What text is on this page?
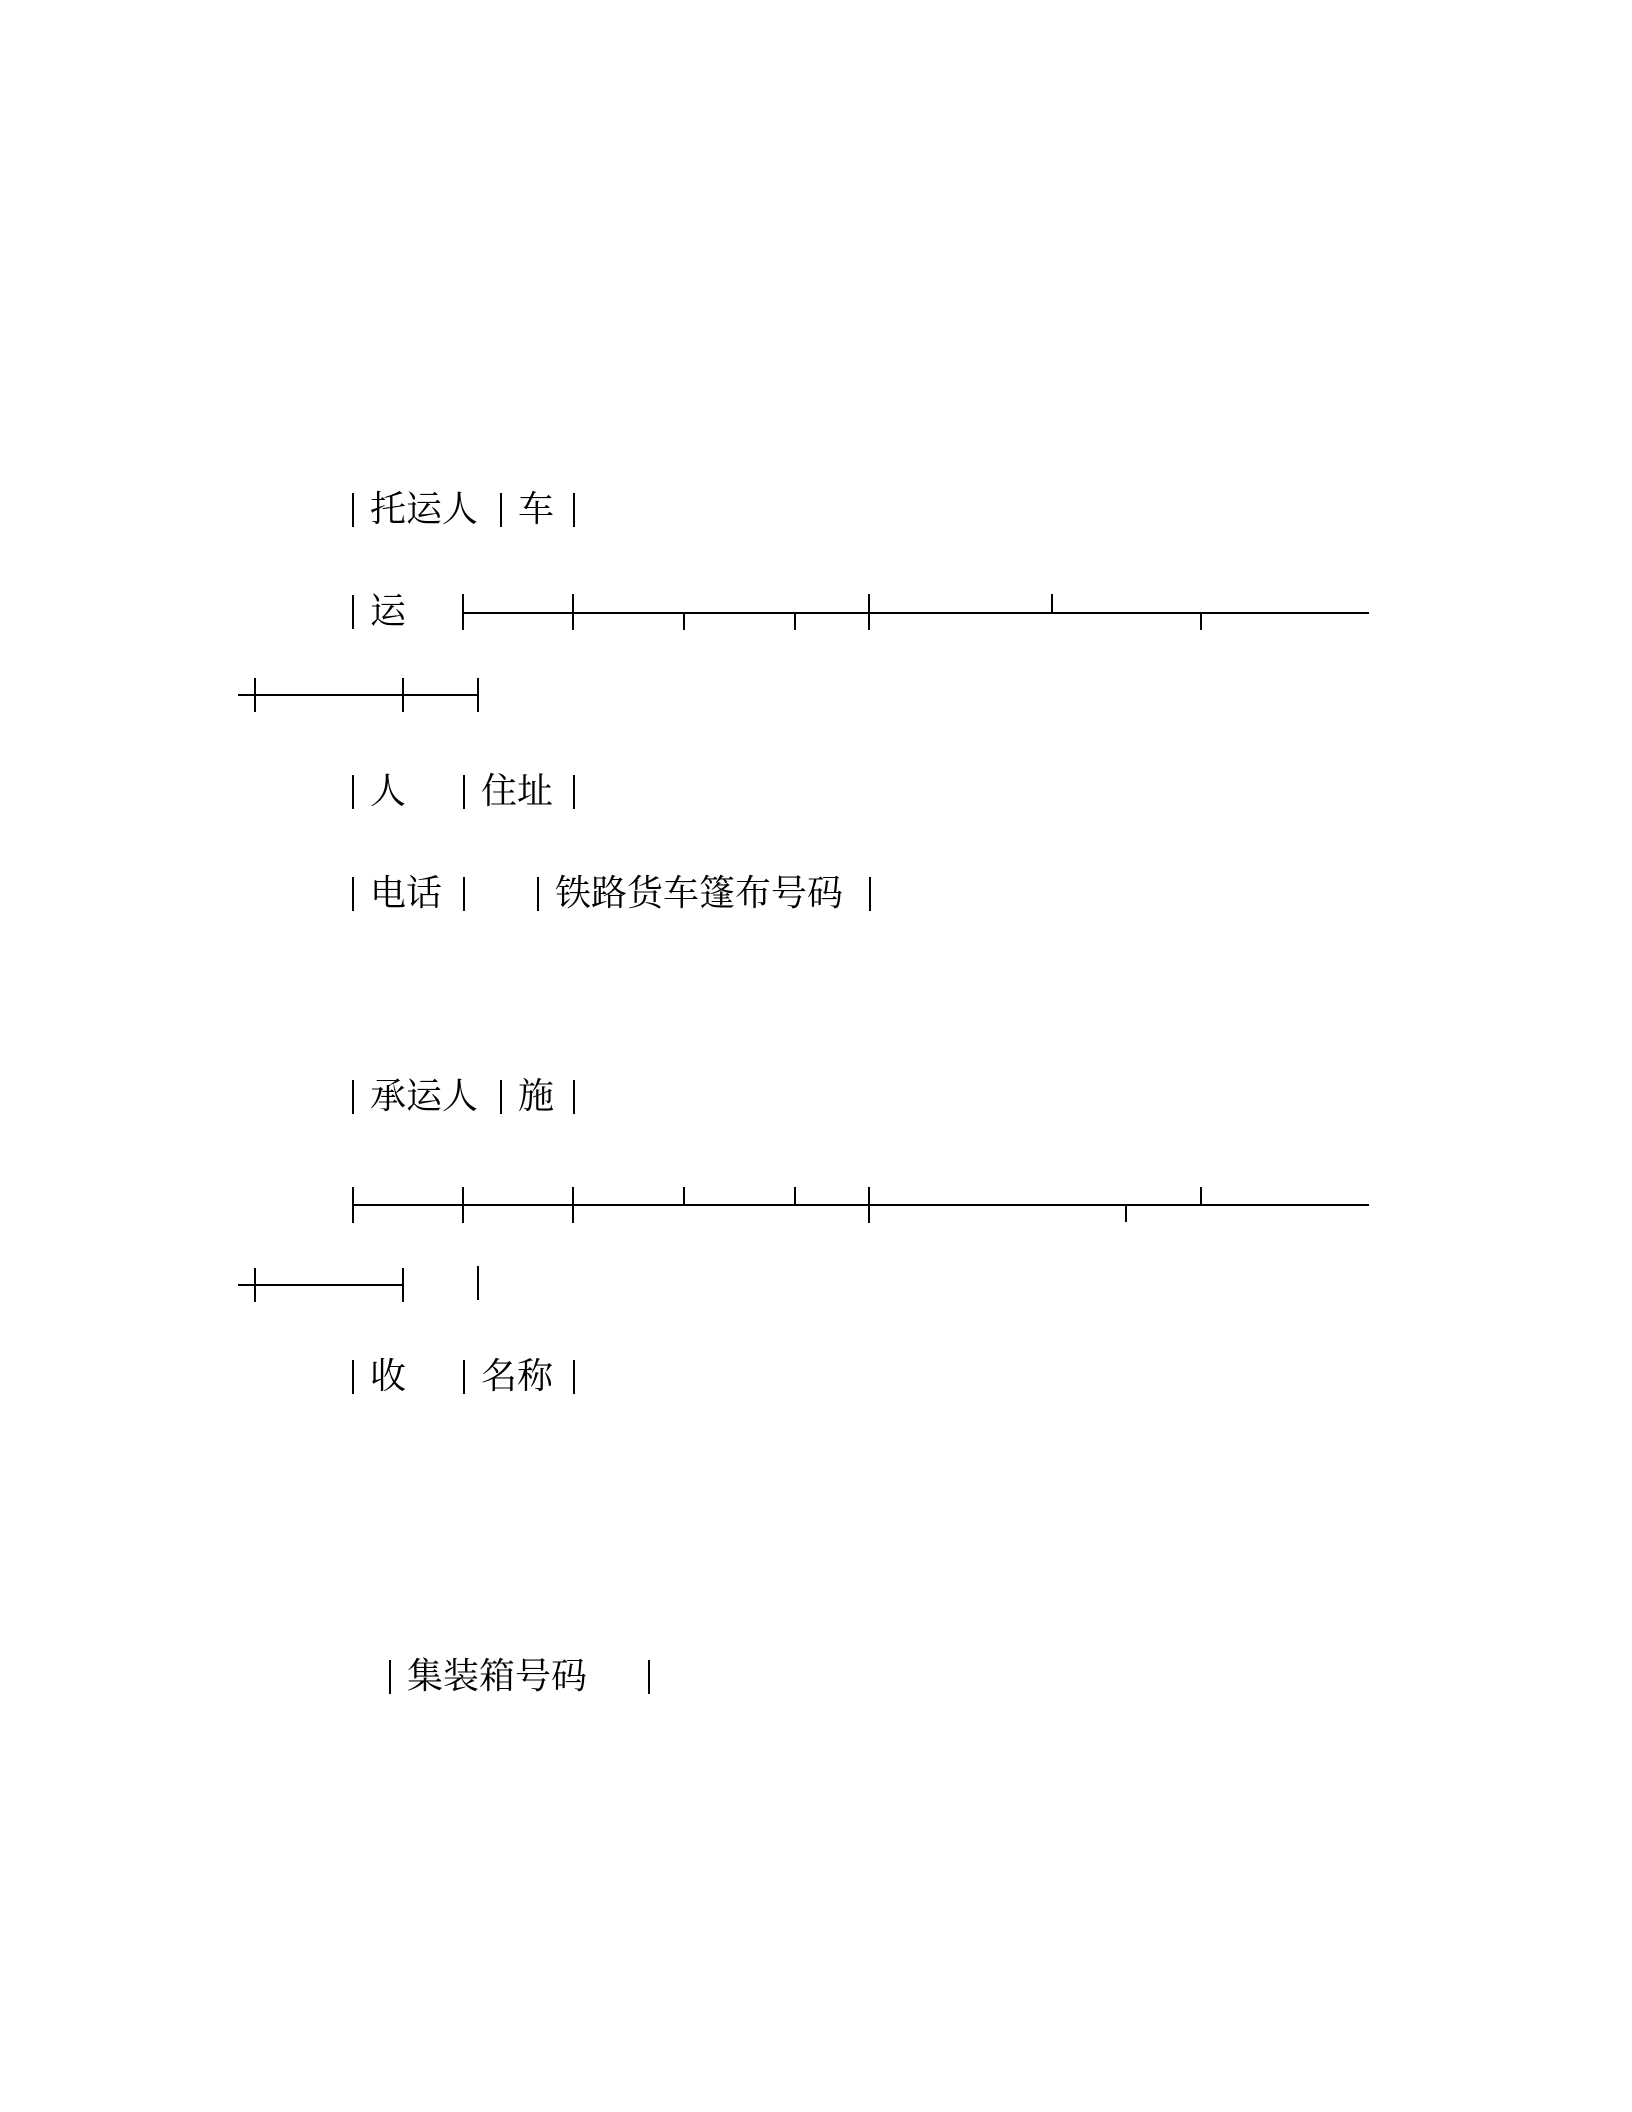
托运人 车
运
人 住址
电话	铁路货车篷布号码
承运人 施
收 名称
集装箱号码
